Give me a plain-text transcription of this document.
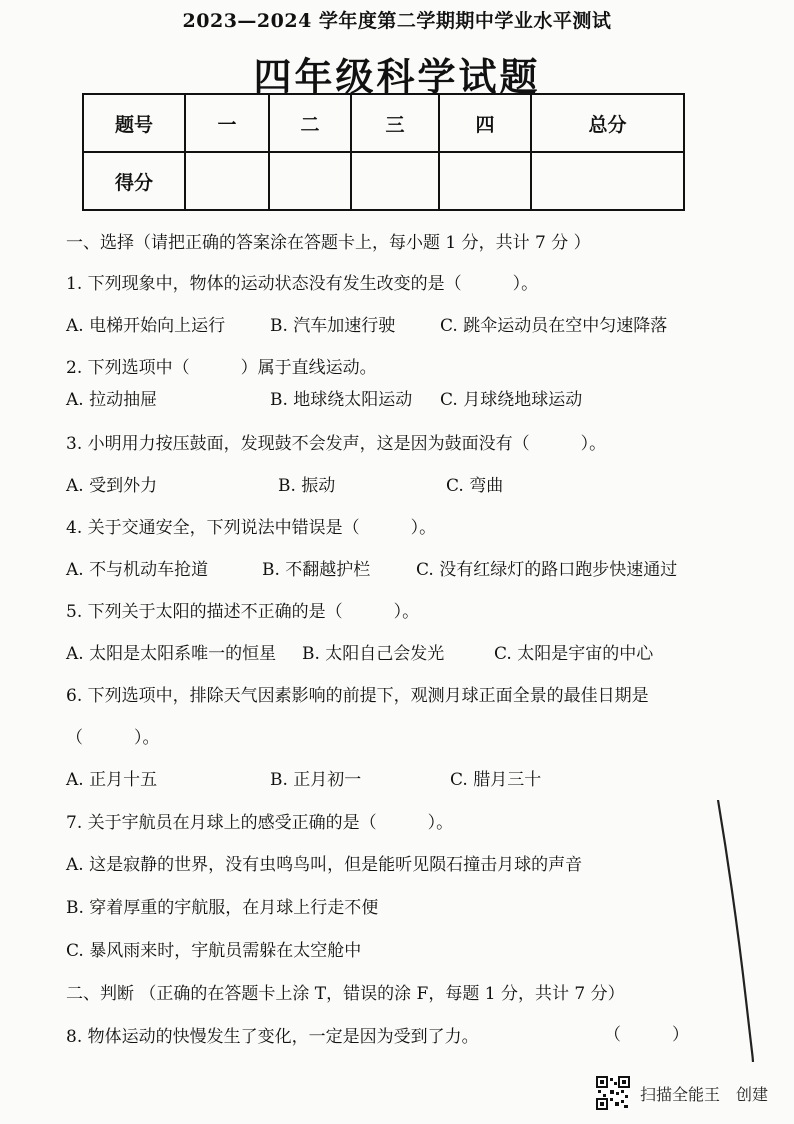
2023—2024 学年度第二学期期中学业水平测试
四年级科学试题
题号	一	二	三	四	总分
得分					
一、选择（请把正确的答案涂在答题卡上，每小题 1 分，共计 7 分 ）
1. 下列现象中，物体的运动状态没有发生改变的是（　　　）。
A. 电梯开始向上运行	B. 汽车加速行驶	C. 跳伞运动员在空中匀速降落
2. 下列选项中（　　　）属于直线运动。
A. 拉动抽屉	B. 地球绕太阳运动 C. 月球绕地球运动
3. 小明用力按压鼓面，发现鼓不会发声，这是因为鼓面没有（　　　）。
A. 受到外力	B. 振动	C. 弯曲
4. 关于交通安全，下列说法中错误是（　　　）。
A. 不与机动车抢道	B. 不翻越护栏	C. 没有红绿灯的路口跑步快速通过
5. 下列关于太阳的描述不正确的是（　　　）。
A. 太阳是太阳系唯一的恒星 B. 太阳自己会发光	C. 太阳是宇宙的中心
6. 下列选项中，排除天气因素影响的前提下，观测月球正面全景的最佳日期是
（　　　）。
A. 正月十五	B. 正月初一	C. 腊月三十
7. 关于宇航员在月球上的感受正确的是（　　　）。
A. 这是寂静的世界，没有虫鸣鸟叫，但是能听见陨石撞击月球的声音
B. 穿着厚重的宇航服，在月球上行走不便
C. 暴风雨来时，宇航员需躲在太空舱中
二、判断 （正确的在答题卡上涂 T，错误的涂 F，每题 1 分，共计 7 分）
8. 物体运动的快慢发生了变化，一定是因为受到了力。	（　　　）
扫描全能王　创建
